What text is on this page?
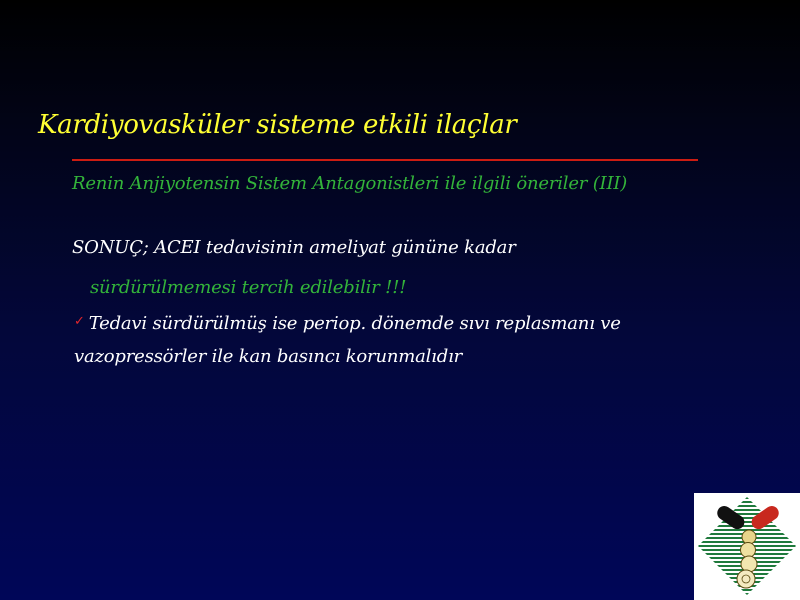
Kardiyovasküler sisteme etkili ilaçlar
Renin Anjiyotensin Sistem Antagonistleri ile ilgili öneriler (III)
SONUÇ; ACEI tedavisinin ameliyat gününe kadar
sürdürülmemesi tercih edilebilir !!!
✓ Tedavi sürdürülmüş ise periop. dönemde sıvı replasmanı ve
vazopressörler ile kan basıncı korunmalıdır
